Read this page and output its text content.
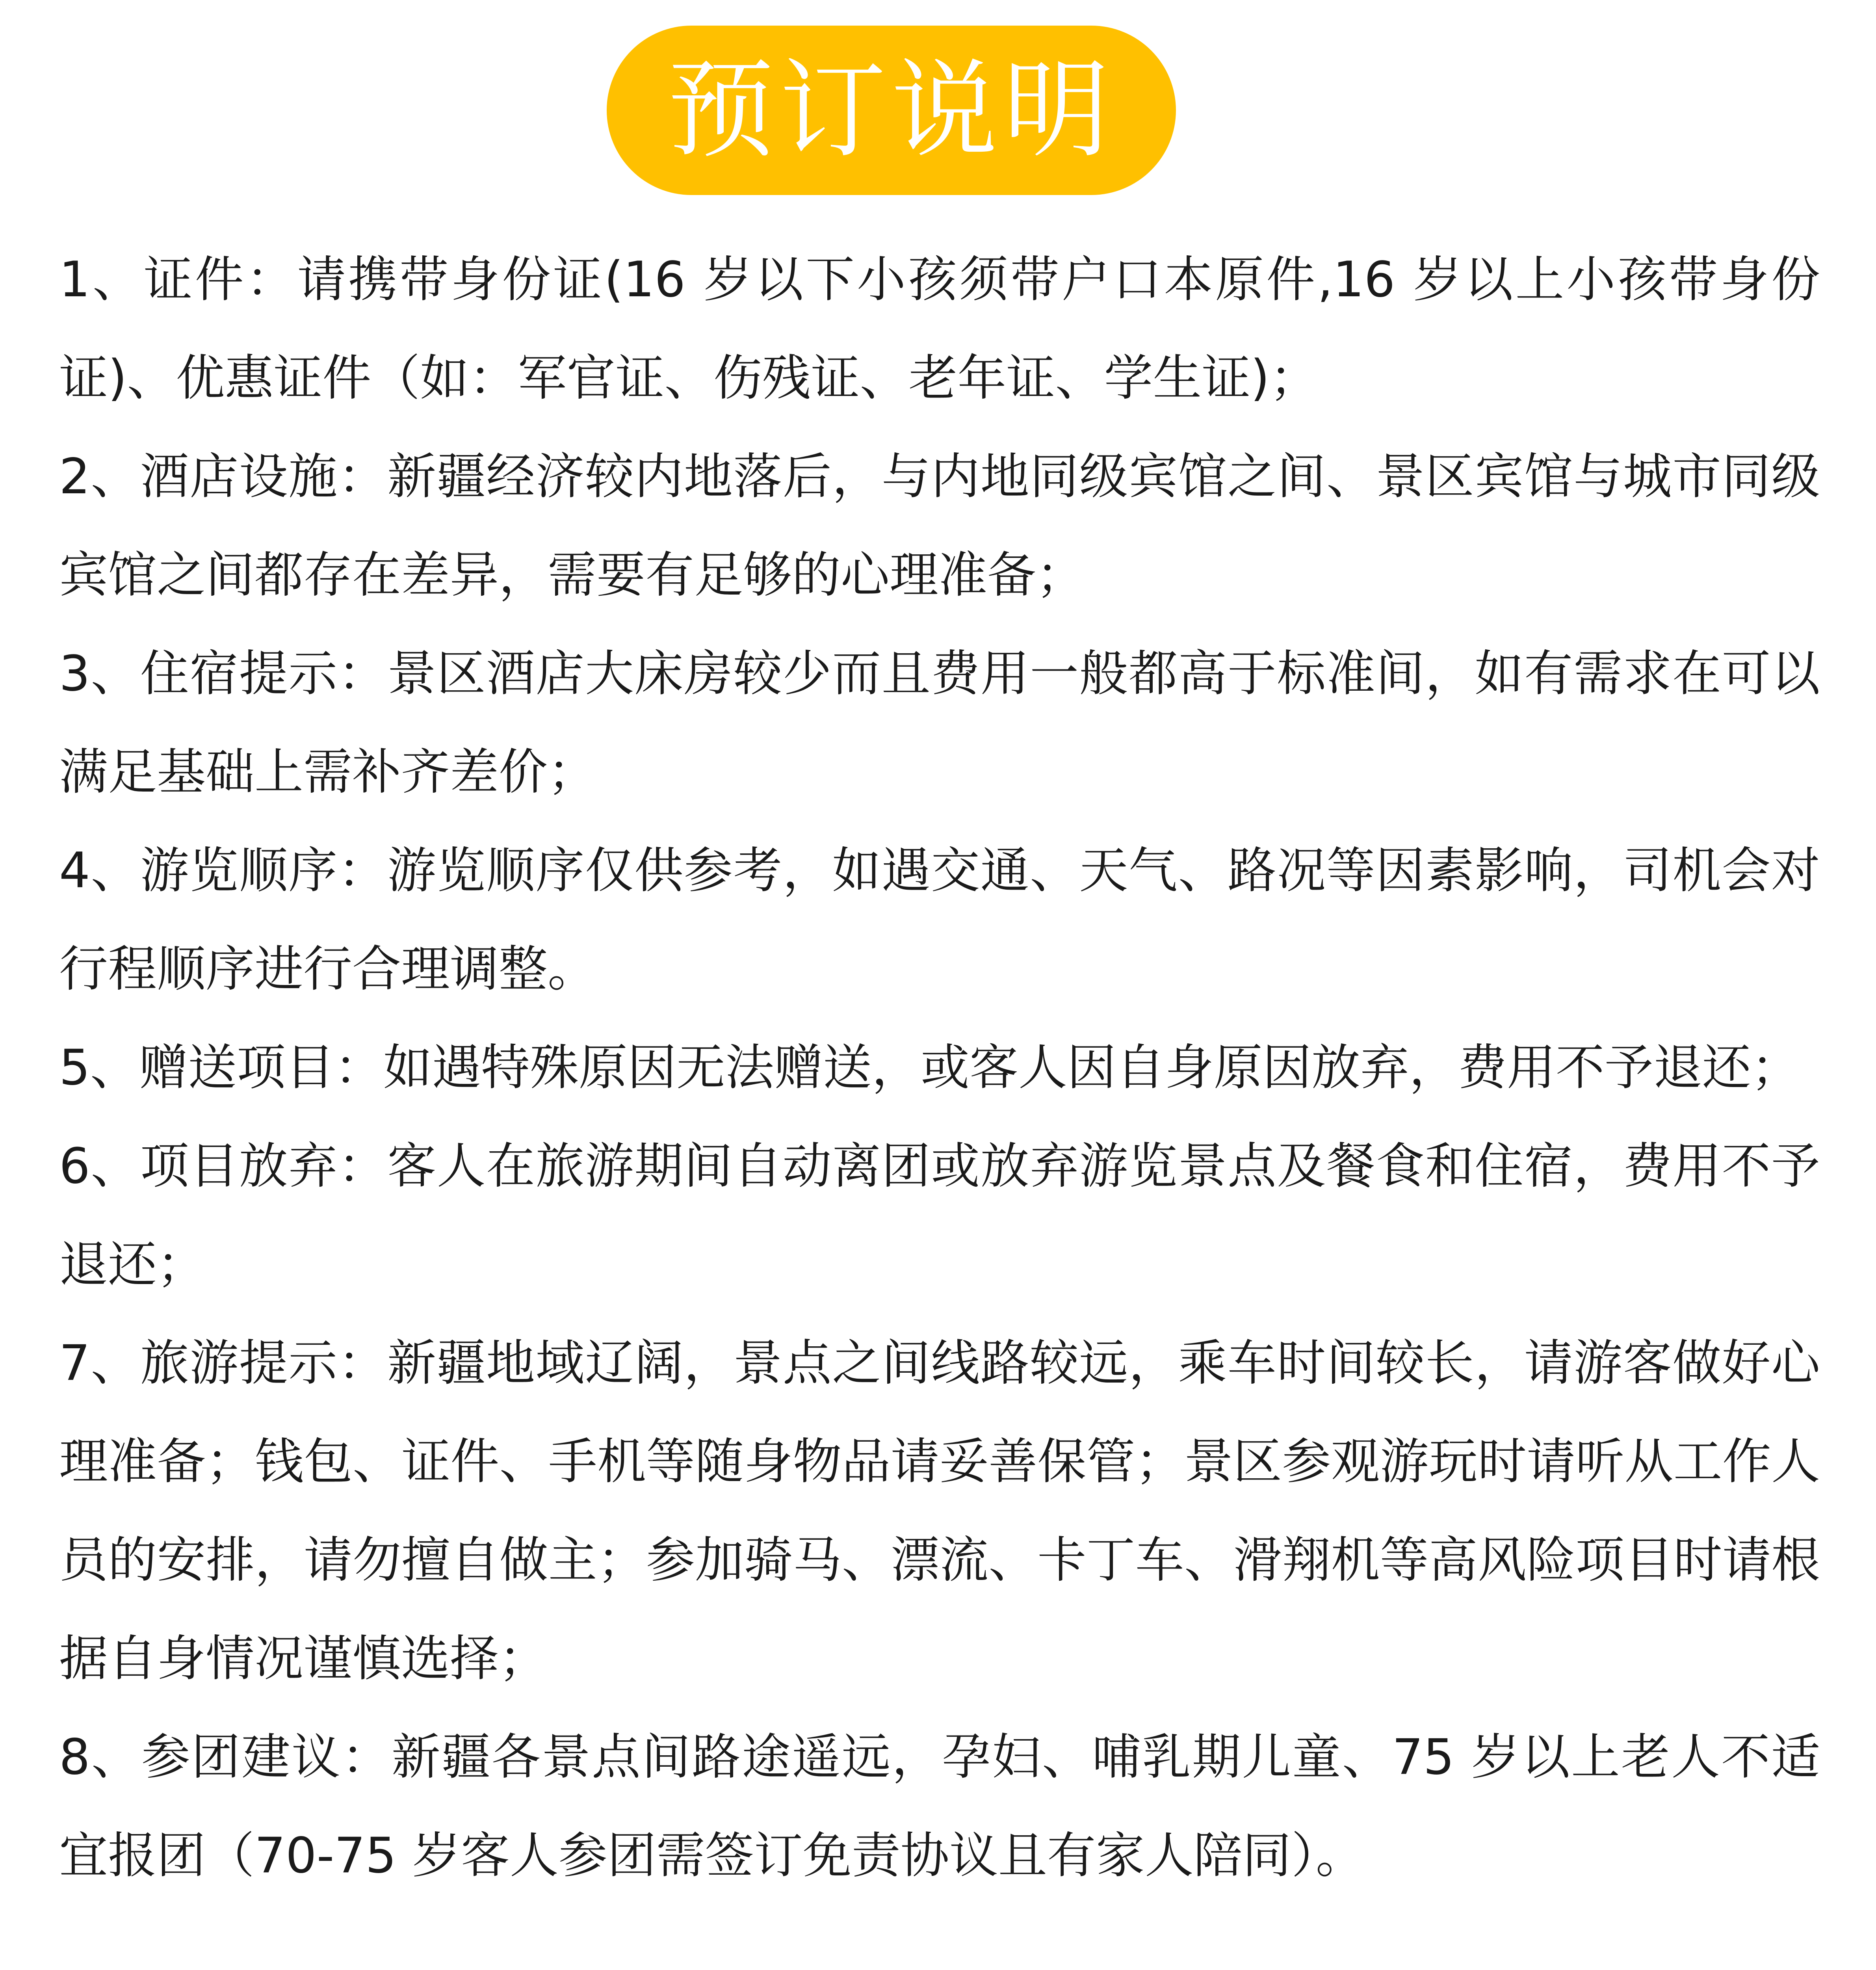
预订说明

1、证件：请携带身份证(16 岁以下小孩须带户口本原件,16 岁以上小孩带身份证)、优惠证件（如：军官证、伤残证、老年证、学生证)；

2、酒店设施：新疆经济较内地落后，与内地同级宾馆之间、景区宾馆与城市同级宾馆之间都存在差异，需要有足够的心理准备；

3、住宿提示：景区酒店大床房较少而且费用一般都高于标准间，如有需求在可以满足基础上需补齐差价；

4、游览顺序：游览顺序仅供参考，如遇交通、天气、路况等因素影响，司机会对行程顺序进行合理调整。

5、赠送项目：如遇特殊原因无法赠送，或客人因自身原因放弃，费用不予退还；

6、项目放弃：客人在旅游期间自动离团或放弃游览景点及餐食和住宿，费用不予退还；

7、旅游提示：新疆地域辽阔，景点之间线路较远，乘车时间较长，请游客做好心理准备；钱包、证件、手机等随身物品请妥善保管；景区参观游玩时请听从工作人员的安排，请勿擅自做主；参加骑马、漂流、卡丁车、滑翔机等高风险项目时请根据自身情况谨慎选择；

8、参团建议：新疆各景点间路途遥远，孕妇、哺乳期儿童、75 岁以上老人不适宜报团（70-75 岁客人参团需签订免责协议且有家人陪同）。
